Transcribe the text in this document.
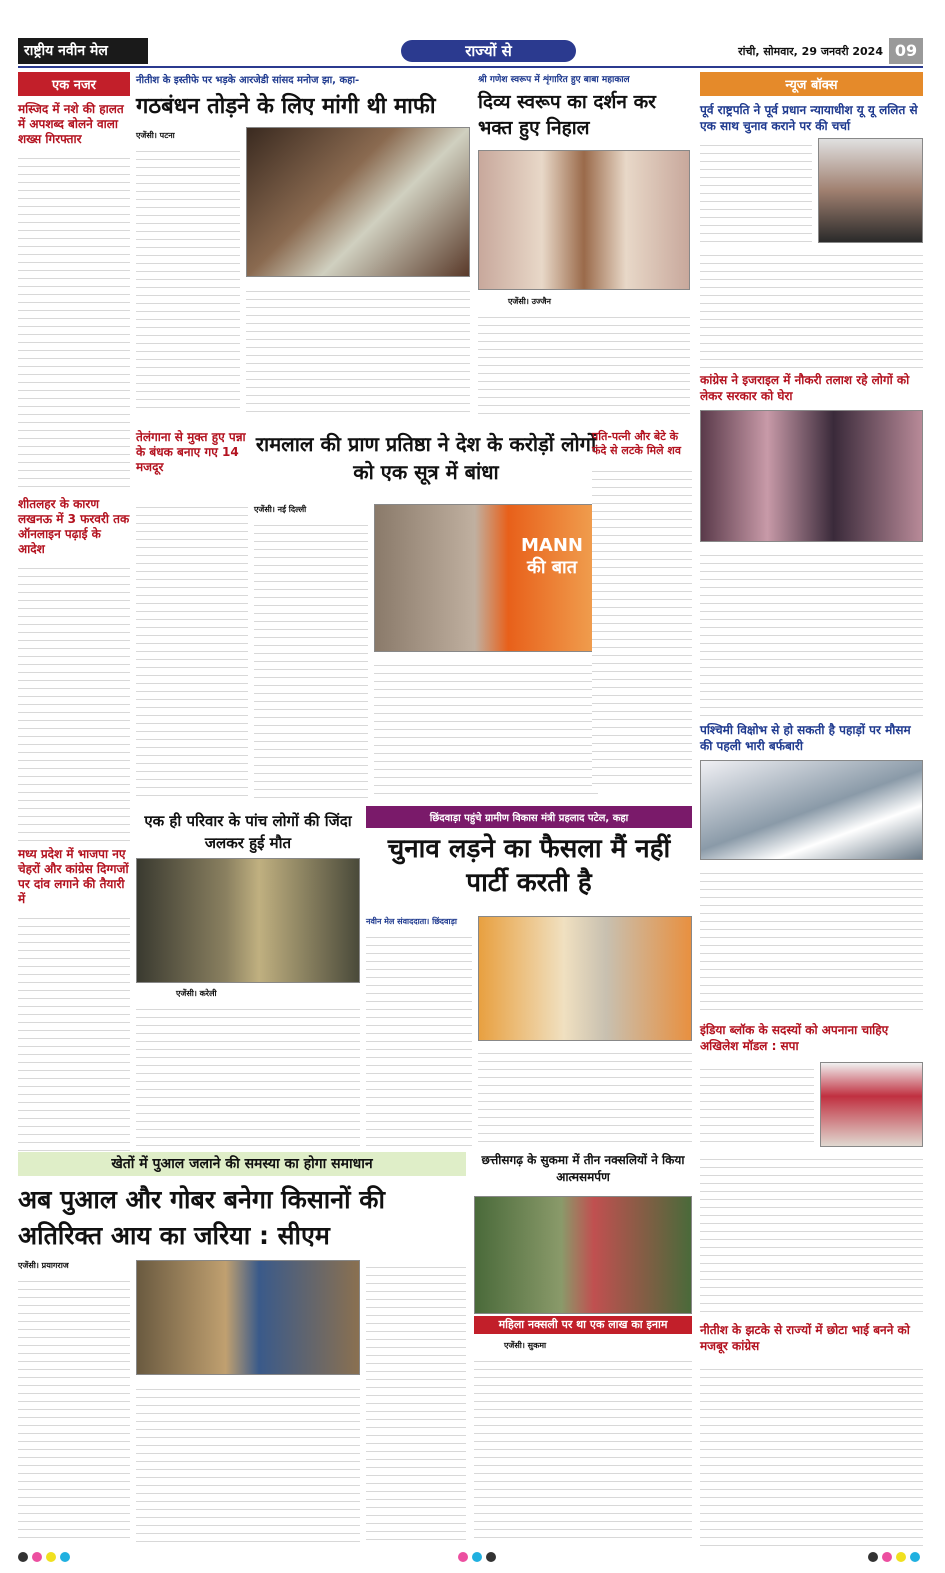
राष्ट्रीय नवीन मेल	राज्यों से	रांची, सोमवार, 29 जनवरी 2024 09
एक नजर
मस्जिद में नशे की हालत में अपशब्द बोलने वाला शख्स गिरफ्तार
शीतलहर के कारण लखनऊ में 3 फरवरी तक ऑनलाइन पढ़ाई के आदेश
मध्य प्रदेश में भाजपा नए चेहरों और कांग्रेस दिग्गजों पर दांव लगाने की तैयारी में
नीतीश के इस्तीफे पर भड़के आरजेडी सांसद मनोज झा, कहा-
गठबंधन तोड़ने के लिए मांगी थी माफी
एजेंसी। पटना
श्री गणेश स्वरूप में शृंगारित हुए बाबा महाकाल
दिव्य स्वरूप का दर्शन कर भक्त हुए निहाल
एजेंसी। उज्जैन
न्यूज बॉक्स
पूर्व राष्ट्रपति ने पूर्व प्रधान न्यायाधीश यू यू ललित से एक साथ चुनाव कराने पर की चर्चा
कांग्रेस ने इजराइल में नौकरी तलाश रहे लोगों को लेकर सरकार को घेरा
पश्चिमी विक्षोभ से हो सकती है पहाड़ों पर मौसम की पहली भारी बर्फबारी
इंडिया ब्लॉक के सदस्यों को अपनाना चाहिए अखिलेश मॉडल : सपा
नीतीश के झटके से राज्यों में छोटा भाई बनने को मजबूर कांग्रेस
तेलंगाना से मुक्त हुए पन्ना के बंधक बनाए गए 14 मजदूर
रामलाल की प्राण प्रतिष्ठा ने देश के करोड़ों लोगों को एक सूत्र में बांधा
एजेंसी। नई दिल्ली
MANN की बात
पति-पत्नी और बेटे के फंदे से लटके मिले शव
एक ही परिवार के पांच लोगों की जिंदा जलकर हुई मौत
एजेंसी। करेली
छिंदवाड़ा पहुंचे ग्रामीण विकास मंत्री प्रहलाद पटेल, कहा
चुनाव लड़ने का फैसला मैं नहीं पार्टी करती है
नवीन मेल संवाददाता। छिंदवाड़ा
खेतों में पुआल जलाने की समस्या का होगा समाधान
अब पुआल और गोबर बनेगा किसानों की अतिरिक्त आय का जरिया : सीएम
एजेंसी। प्रयागराज
छत्तीसगढ़ के सुकमा में तीन नक्सलियों ने किया आत्मसमर्पण
महिला नक्सली पर था एक लाख का इनाम
एजेंसी। सुकमा
